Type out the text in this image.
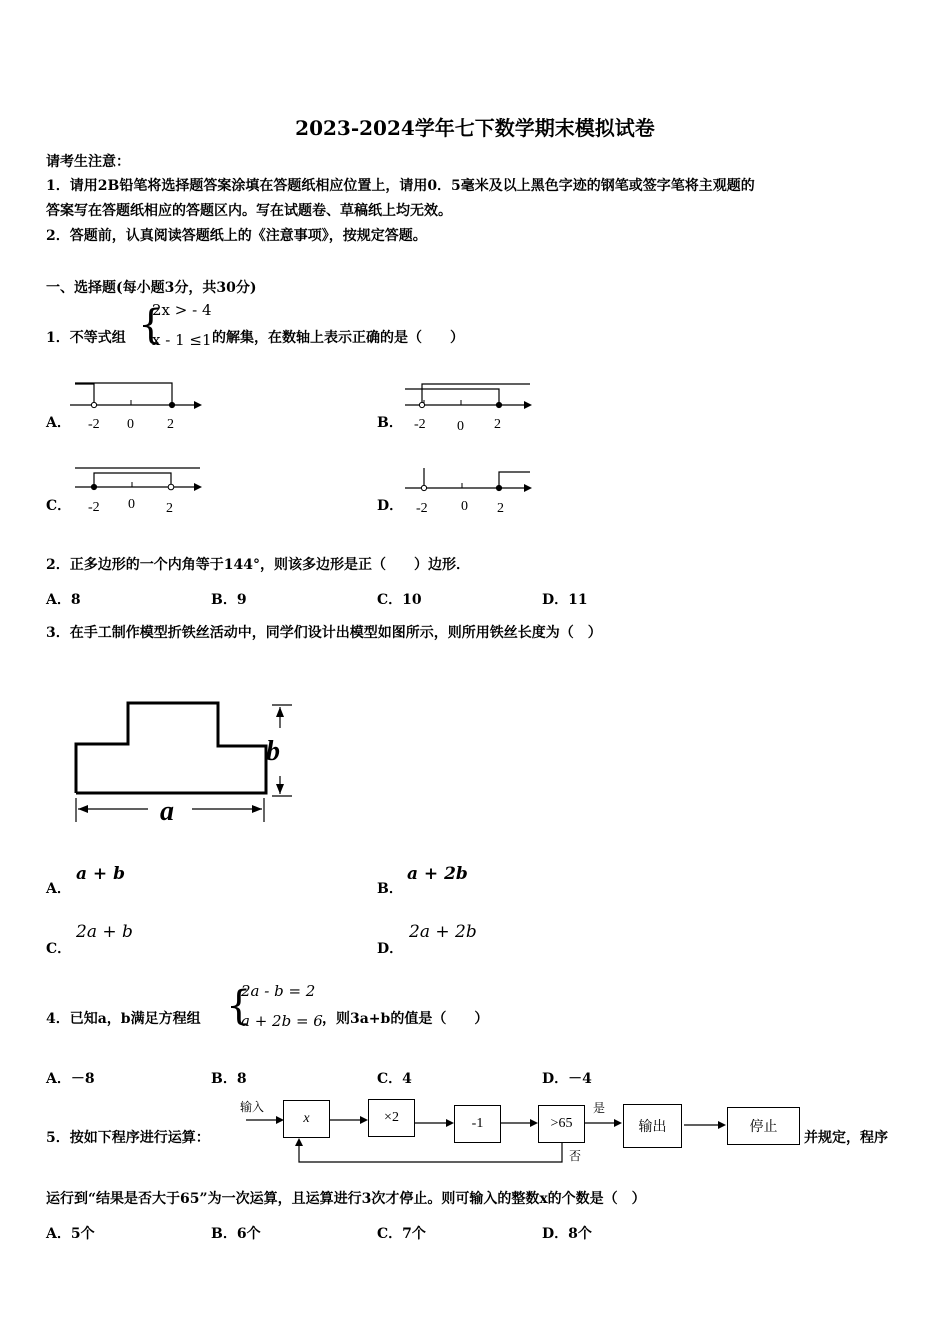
2023-2024学年七下数学期末模拟试卷
请考生注意：
1．请用2B铅笔将选择题答案涂填在答题纸相应位置上，请用0．5毫米及以上黑色字迹的钢笔或签字笔将主观题的
答案写在答题纸相应的答题区内。写在试题卷、草稿纸上均无效。
2．答题前，认真阅读答题纸上的《注意事项》，按规定答题。
一、选择题(每小题3分，共30分)
1．不等式组 {
2x > - 4
x - 1 ≤1 的解集，在数轴上表示正确的是（　　）
A． -2 0 2	B． -2 0 2
C． -2 0 2	D． -2 0 2
2．正多边形的一个内角等于144°，则该多边形是正（　　）边形．
A．8	B．9	C．10	D．11
3．在手工制作模型折铁丝活动中，同学们设计出模型如图所示，则所用铁丝长度为（　）
b
a
A．
a + b
B．
a + 2b
C．
2a + b
D．
2a + 2b
4．已知a，b满足方程组 {
2a - b = 2
a + 2b = 6 ，则3a+b的值是（　　）
A．－8	B．8	C．4	D．－4
5．按如下程序进行运算：
输入
x	×2	-1	>65
是
否
输出	停止
并规定，程序
运行到“结果是否大于65”为一次运算，且运算进行3次才停止。则可输入的整数x的个数是（　）
A．5个	B．6个	C．7个	D．8个
